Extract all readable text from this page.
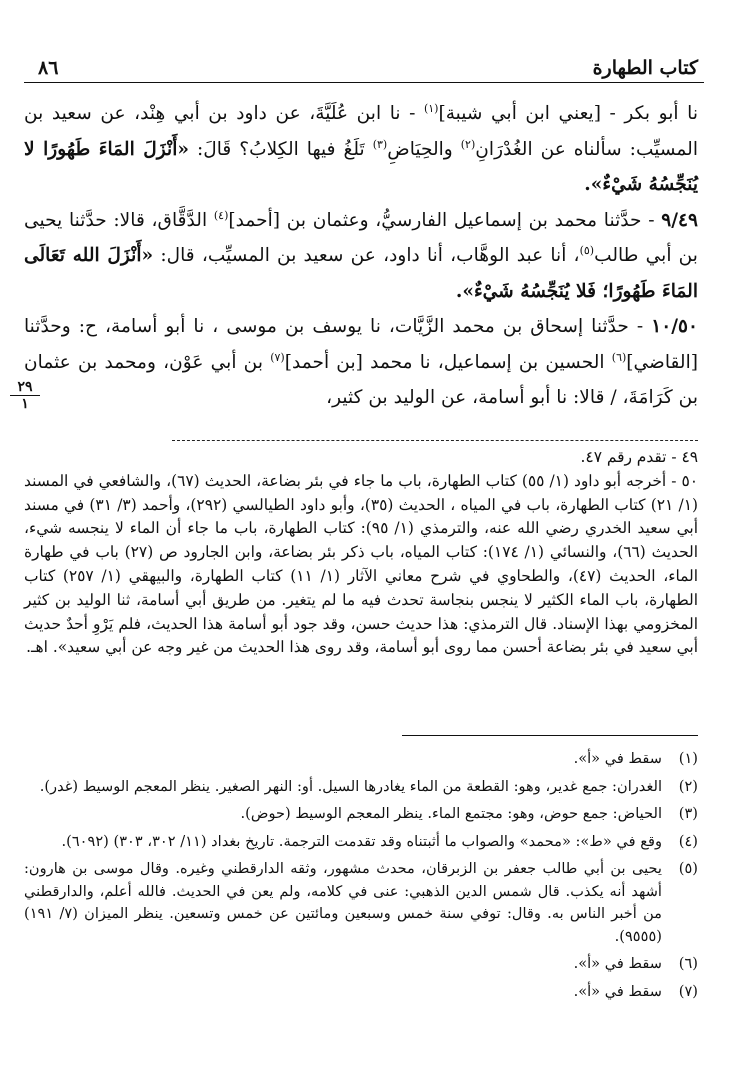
كتاب الطهارة
٨٦

نا أبو بكر - [يعني ابن أبي شيبة]$^{(١)}$ - نا ابن عُلَيَّةَ، عن داود بن أبي هِنْد، عن سعيد بن المسيِّب: سألناه عن الغُدْرَانِ$^{(٢)}$ والحِيَاضِ$^{(٣)}$ تَلَغُ فيها الكِلابُ؟ قَالَ: «أَنْزَلَ المَاءَ طَهُورًا لا يُنَجِّسُهُ شَيْءٌ».

٩/٤٩ - حدَّثنا محمد بن إسماعيل الفارسيُّ، وعثمان بن [أحمد]$^{(٤)}$ الدَّقَّاق، قالا: حدَّثنا يحيى بن أبي طالب$^{(٥)}$، أنا عبد الوهَّاب، أنا داود، عن سعيد بن المسيِّب، قال: «أَنْزَلَ الله تَعَالَى المَاءَ طَهُورًا؛ فَلا يُنَجِّسُهُ شَيْءٌ».

١٠/٥٠ - حدَّثنا إسحاق بن محمد الزَّيَّات، نا يوسف بن موسى ، نا أبو أسامة، ح: وحدَّثنا [القاضي]$^{(٦)}$ الحسين بن إسماعيل، نا محمد [بن أحمد]$^{(٧)}$ بن أبي عَوْن، ومحمد بن عثمان بن كَرَامَةَ، / قالا: نا أبو أسامة، عن الوليد بن كثير،

٢٩
١

٤٩ - تقدم رقم ٤٧.

٥٠ - أخرجه أبو داود (١/ ٥٥) كتاب الطهارة، باب ما جاء في بئر بضاعة، الحديث (٦٧)، والشافعي في المسند (١/ ٢١) كتاب الطهارة، باب في المياه ، الحديث (٣٥)، وأبو داود الطيالسي (٢٩٢)، وأحمد (٣/ ٣١) في مسند أبي سعيد الخدري رضي الله عنه، والترمذي (١/ ٩٥): كتاب الطهارة، باب ما جاء أن الماء لا ينجسه شيء، الحديث (٦٦)، والنسائي (١/ ١٧٤): كتاب المياه، باب ذكر بئر بضاعة، وابن الجارود ص (٢٧) باب في طهارة الماء، الحديث (٤٧)، والطحاوي في شرح معاني الآثار (١/ ١١) كتاب الطهارة، والبيهقي (١/ ٢٥٧) كتاب الطهارة، باب الماء الكثير لا ينجس بنجاسة تحدث فيه ما لم يتغير. من طريق أبي أسامة، ثنا الوليد بن كثير المخزومي بهذا الإسناد. قال الترمذي: هذا حديث حسن، وقد جود أبو أسامة هذا الحديث، فلم يَرْوِ أحدٌ حديث أبي سعيد في بئر بضاعة أحسن مما روى أبو أسامة، وقد روى هذا الحديث من غير وجه عن أبي سعيد». اهـ.

(١)
سقط في «أ».
(٢)
الغدران: جمع غدير، وهو: القطعة من الماء يغادرها السيل. أو: النهر الصغير. ينظر المعجم الوسيط (غدر).
(٣)
الحياض: جمع حوض، وهو: مجتمع الماء. ينظر المعجم الوسيط (حوض).
(٤)
وقع في «ط»: «محمد» والصواب ما أثبتناه وقد تقدمت الترجمة. تاريخ بغداد (١١/ ٣٠٢، ٣٠٣) (٦٠٩٢).
(٥)
يحيى بن أبي طالب جعفر بن الزبرقان، محدث مشهور، وثقه الدارقطني وغيره. وقال موسى بن هارون: أشهد أنه يكذب. قال شمس الدين الذهبي: عنى في كلامه، ولم يعن في الحديث. فالله أعلم، والدارقطني من أخبر الناس به. وقال: توفي سنة خمس وسبعين ومائتين عن خمس وتسعين. ينظر الميزان (٧/ ١٩١) (٩٥٥٥).
(٦)
سقط في «أ».
(٧)
سقط في «أ».
